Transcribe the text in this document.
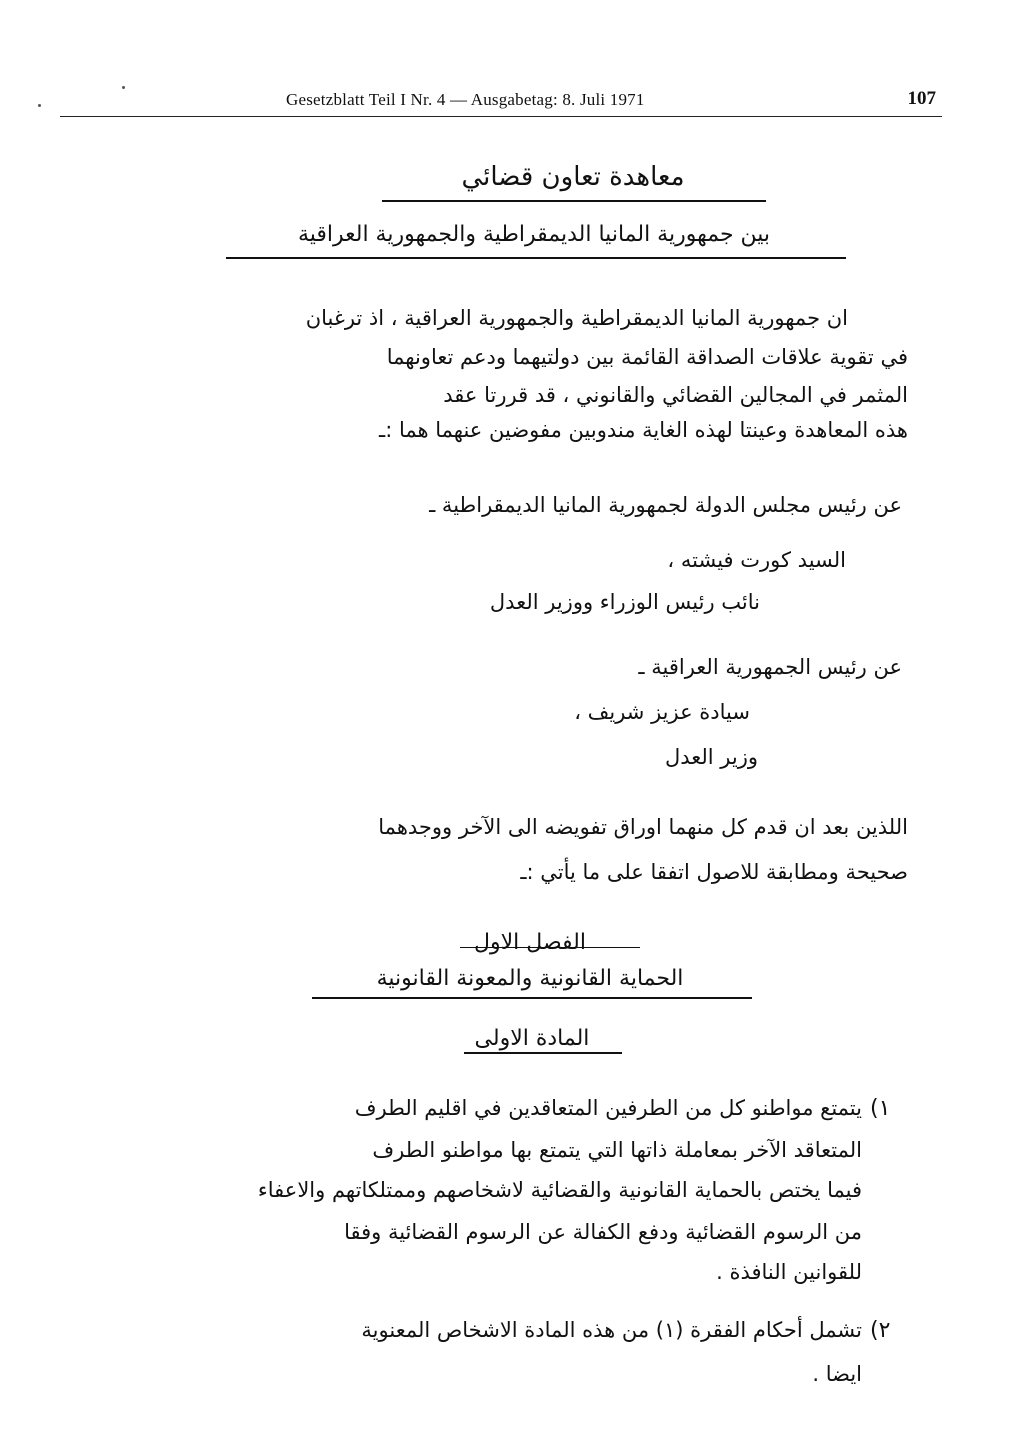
Gesetzblatt Teil I Nr. 4 — Ausgabetag: 8. Juli 1971	107
معاهدة تعاون قضائي
بين جمهورية المانيا الديمقراطية والجمهورية العراقية
ان جمهورية المانيا الديمقراطية والجمهورية العراقية ، اذ ترغبان
في تقوية علاقات الصداقة القائمة بين دولتيهما ودعم تعاونهما
المثمر في المجالين القضائي والقانوني ، قد قررتا عقد
هذه المعاهدة وعينتا لهذه الغاية مندوبين مفوضين عنهما هما :ـ
عن رئيس مجلس الدولة لجمهورية المانيا الديمقراطية ـ
السيد كورت فيشته ،
نائب رئيس الوزراء ووزير العدل
عن رئيس الجمهورية العراقية ـ
سيادة عزيز شريف ،
وزير العدل
اللذين بعد ان قدم كل منهما اوراق تفويضه الى الآخر ووجدهما
صحيحة ومطابقة للاصول اتفقا على ما يأتي :ـ
الفصل الاول
الحماية القانونية والمعونة القانونية
المادة الاولى
١)
يتمتع مواطنو كل من الطرفين المتعاقدين في اقليم الطرف
المتعاقد الآخر بمعاملة ذاتها التي يتمتع بها مواطنو الطرف
فيما يختص بالحماية القانونية والقضائية لاشخاصهم وممتلكاتهم والاعفاء
من الرسوم القضائية ودفع الكفالة عن الرسوم القضائية وفقا
للقوانين النافذة .
٢)
تشمل أحكام الفقرة (١) من هذه المادة الاشخاص المعنوية
ايضا .
